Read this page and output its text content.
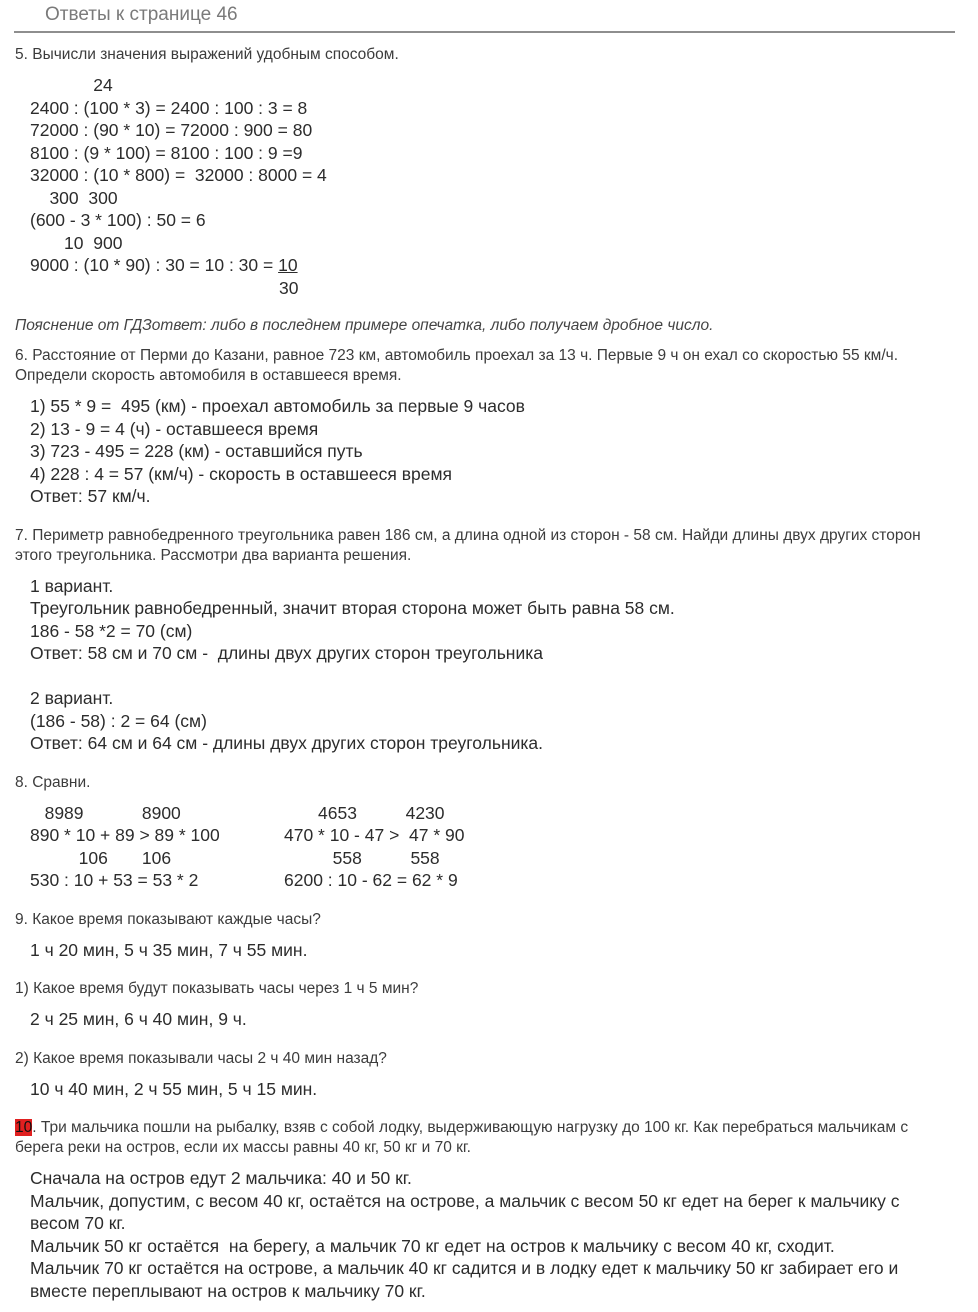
Ответы к странице 46
5. Вычисли значения выражений удобным способом.
24
2400 : (100 * 3) = 2400 : 100 : 3 = 8
72000 : (90 * 10) = 72000 : 900 = 80
8100 : (9 * 100) = 8100 : 100 : 9 =9
32000 : (10 * 800) =  32000 : 8000 = 4
300  300
(600 - 3 * 100) : 50 = 6
10  900
9000 : (10 * 90) : 30 = 10 : 30 = 10
30
Пояснение от ГДЗответ: либо в последнем примере опечатка, либо получаем дробное число.
6. Расстояние от Перми до Казани, равное 723 км, автомобиль проехал за 13 ч. Первые 9 ч он ехал со скоростью 55 км/ч. Определи скорость автомобиля в оставшееся время.
1) 55 * 9 =  495 (км) - проехал автомобиль за первые 9 часов
2) 13 - 9 = 4 (ч) - оставшееся время
3) 723 - 495 = 228 (км) - оставшийся путь
4) 228 : 4 = 57 (км/ч) - скорость в оставшееся время
Ответ: 57 км/ч.
7. Периметр равнобедренного треугольника равен 186 см, а длина одной из сторон - 58 см. Найди длины двух других сторон этого треугольника. Рассмотри два варианта решения.
1 вариант.
Треугольник равнобедренный, значит вторая сторона может быть равна 58 см.
186 - 58 *2 = 70 (см)
Ответ: 58 см и 70 см -  длины двух других сторон треугольника
2 вариант.
(186 - 58) : 2 = 64 (см)
Ответ: 64 см и 64 см - длины двух других сторон треугольника.
8. Сравни.
8989            8900
890 * 10 + 89 > 89 * 100
106       106
530 : 10 + 53 = 53 * 2
4653          4230
470 * 10 - 47 >  47 * 90
558          558
6200 : 10 - 62 = 62 * 9
9. Какое время показывают каждые часы?
1 ч 20 мин, 5 ч 35 мин, 7 ч 55 мин.
1) Какое время будут показывать часы через 1 ч 5 мин?
2 ч 25 мин, 6 ч 40 мин, 9 ч.
2) Какое время показывали часы 2 ч 40 мин назад?
10 ч 40 мин, 2 ч 55 мин, 5 ч 15 мин.
10. Три мальчика пошли на рыбалку, взяв с собой лодку, выдерживающую нагрузку до 100 кг. Как перебраться мальчикам с берега реки на остров, если их массы равны 40 кг, 50 кг и 70 кг.
Сначала на остров едут 2 мальчика: 40 и 50 кг.
Мальчик, допустим, с весом 40 кг, остаётся на острове, а мальчик с весом 50 кг едет на берег к мальчику с
весом 70 кг.
Мальчик 50 кг остаётся  на берегу, а мальчик 70 кг едет на остров к мальчику с весом 40 кг, сходит.
Мальчик 70 кг остаётся на острове, а мальчик 40 кг садится и в лодку едет к мальчику 50 кг забирает его и
вместе переплывают на остров к мальчику 70 кг.
